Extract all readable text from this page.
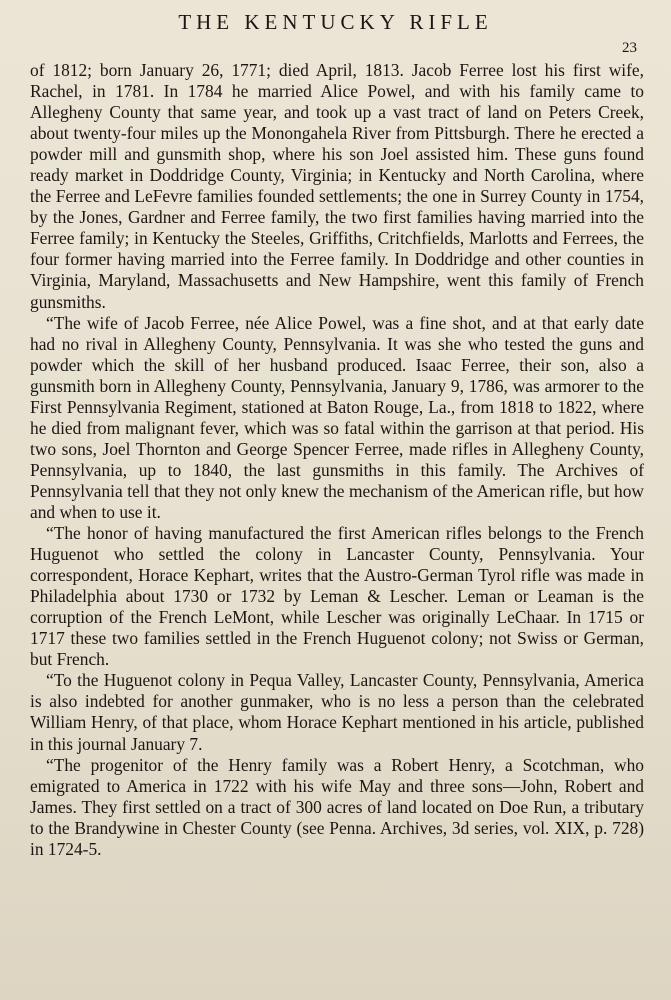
THE KENTUCKY RIFLE
23

of 1812; born January 26, 1771; died April, 1813. Jacob Ferree lost his first wife, Rachel, in 1781. In 1784 he married Alice Powel, and with his family came to Allegheny County that same year, and took up a vast tract of land on Peters Creek, about twenty-four miles up the Monongahela River from Pittsburgh. There he erected a powder mill and gunsmith shop, where his son Joel assisted him. These guns found ready market in Doddridge County, Virginia; in Kentucky and North Carolina, where the Ferree and LeFevre families founded settlements; the one in Surrey County in 1754, by the Jones, Gardner and Ferree family, the two first families having married into the Ferree family; in Kentucky the Steeles, Griffiths, Critchfields, Marlotts and Ferrees, the four former having married into the Ferree family. In Doddridge and other counties in Virginia, Maryland, Massachusetts and New Hampshire, went this family of French gunsmiths.

“The wife of Jacob Ferree, née Alice Powel, was a fine shot, and at that early date had no rival in Allegheny County, Pennsylvania. It was she who tested the guns and powder which the skill of her husband produced. Isaac Ferree, their son, also a gunsmith born in Allegheny County, Pennsylvania, January 9, 1786, was armorer to the First Pennsylvania Regiment, stationed at Baton Rouge, La., from 1818 to 1822, where he died from malignant fever, which was so fatal within the garrison at that period. His two sons, Joel Thornton and George Spencer Ferree, made rifles in Allegheny County, Pennsylvania, up to 1840, the last gunsmiths in this family. The Archives of Pennsylvania tell that they not only knew the mechanism of the American rifle, but how and when to use it.

“The honor of having manufactured the first American rifles belongs to the French Huguenot who settled the colony in Lancaster County, Pennsylvania. Your correspondent, Horace Kephart, writes that the Austro-German Tyrol rifle was made in Philadelphia about 1730 or 1732 by Leman & Lescher. Leman or Leaman is the corruption of the French LeMont, while Lescher was originally LeChaar. In 1715 or 1717 these two families settled in the French Huguenot colony; not Swiss or German, but French.

“To the Huguenot colony in Pequa Valley, Lancaster County, Pennsylvania, America is also indebted for another gunmaker, who is no less a person than the celebrated William Henry, of that place, whom Horace Kephart mentioned in his article, published in this journal January 7.

“The progenitor of the Henry family was a Robert Henry, a Scotchman, who emigrated to America in 1722 with his wife May and three sons—John, Robert and James. They first settled on a tract of 300 acres of land located on Doe Run, a tributary to the Brandywine in Chester County (see Penna. Archives, 3d series, vol. XIX, p. 728) in 1724-5.
